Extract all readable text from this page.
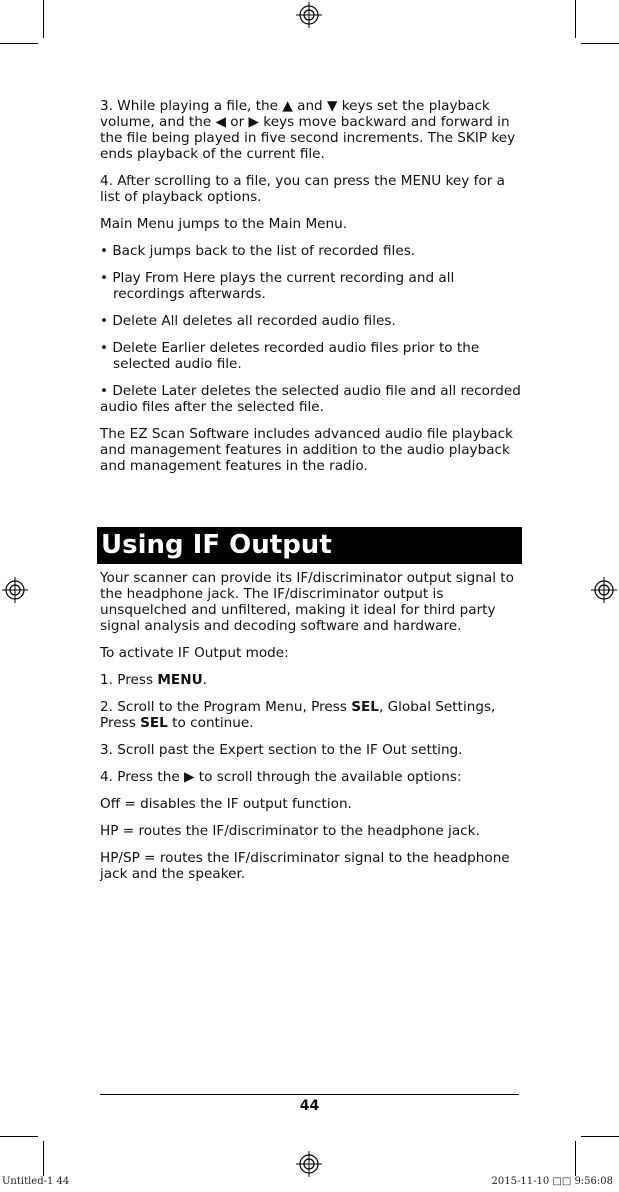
3. While playing a file, the ▲ and ▼ keys set the playback volume, and the ◀ or ▶ keys move backward and forward in the file being played in five second increments. The SKIP key ends playback of the current file.

4. After scrolling to a file, you can press the MENU key for a list of playback options.

Main Menu jumps to the Main Menu.

• Back jumps back to the list of recorded files.

• Play From Here plays the current recording and all recordings afterwards.

• Delete All deletes all recorded audio files.

• Delete Earlier deletes recorded audio files prior to the selected audio file.

• Delete Later deletes the selected audio file and all recorded audio files after the selected file.

The EZ Scan Software includes advanced audio file playback and management features in addition to the audio playback and management features in the radio.

Using IF Output

Your scanner can provide its IF/discriminator output signal to the headphone jack. The IF/discriminator output is unsquelched and unfiltered, making it ideal for third party signal analysis and decoding software and hardware.

To activate IF Output mode:

1. Press MENU.

2. Scroll to the Program Menu, Press SEL, Global Settings, Press SEL to continue.

3. Scroll past the Expert section to the IF Out setting.

4. Press the ▶ to scroll through the available options:

Off = disables the IF output function.

HP = routes the IF/discriminator to the headphone jack.

HP/SP = routes the IF/discriminator signal to the headphone jack and the speaker.

44
Untitled-1 44	2015-11-10 □□ 9:56:08
